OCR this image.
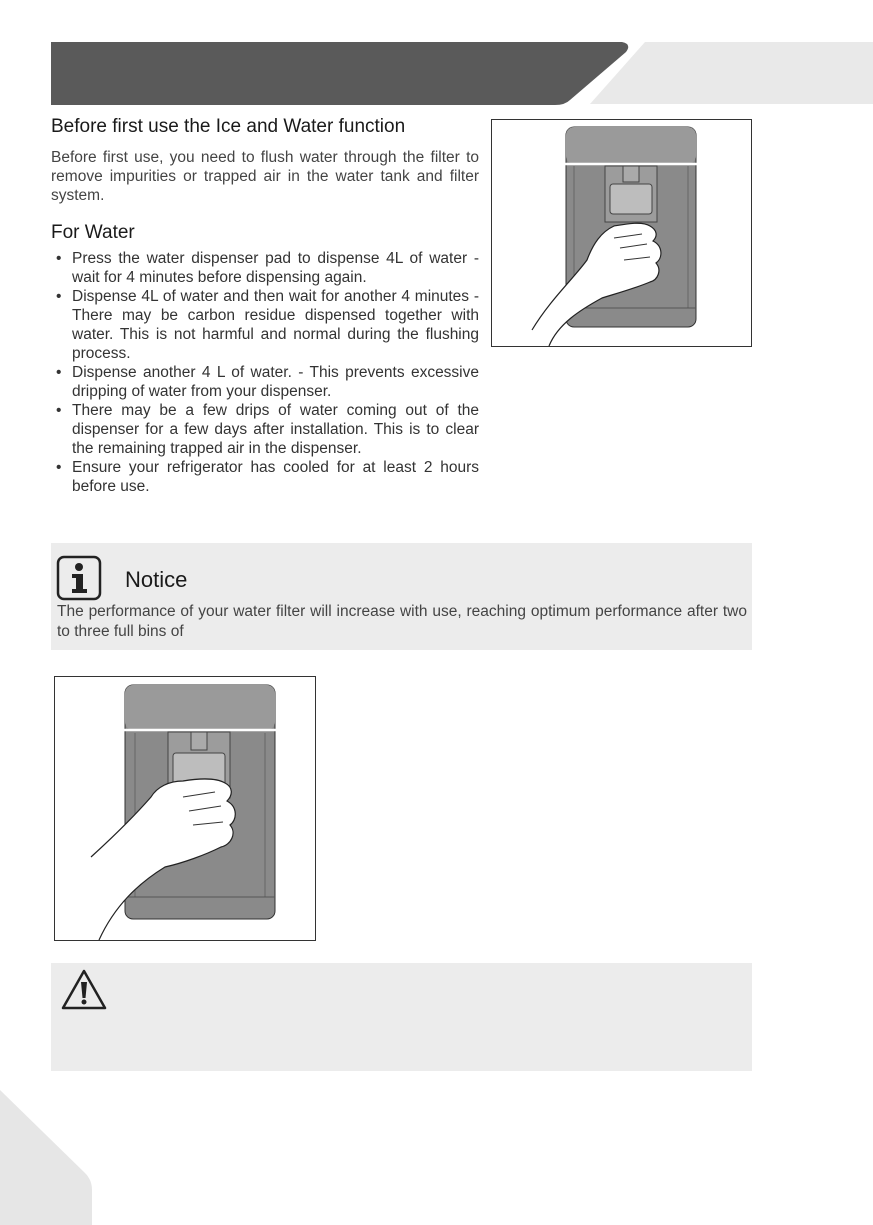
Before first use the Ice and Water function
Before first use, you need to flush water through the filter to remove impurities or trapped air in the water tank and filter system.
For Water
• Press the water dispenser pad to dispense 4L of water - wait for 4 minutes before dispensing again.
• Dispense 4L of water and then wait for another 4 minutes - There may be carbon residue dispensed together with water. This is not harmful and normal during the flushing process.
• Dispense another 4 L of water. - This prevents excessive dripping of water from your dispenser.
• There may be a few drips of water coming out of the dispenser for a few days after installation. This is to clear the remaining trapped air in the dispenser.
• Ensure your refrigerator has cooled for at least 2 hours before use.
Notice
The performance of your water filter will increase with use, reaching optimum performance after two to three full bins of
